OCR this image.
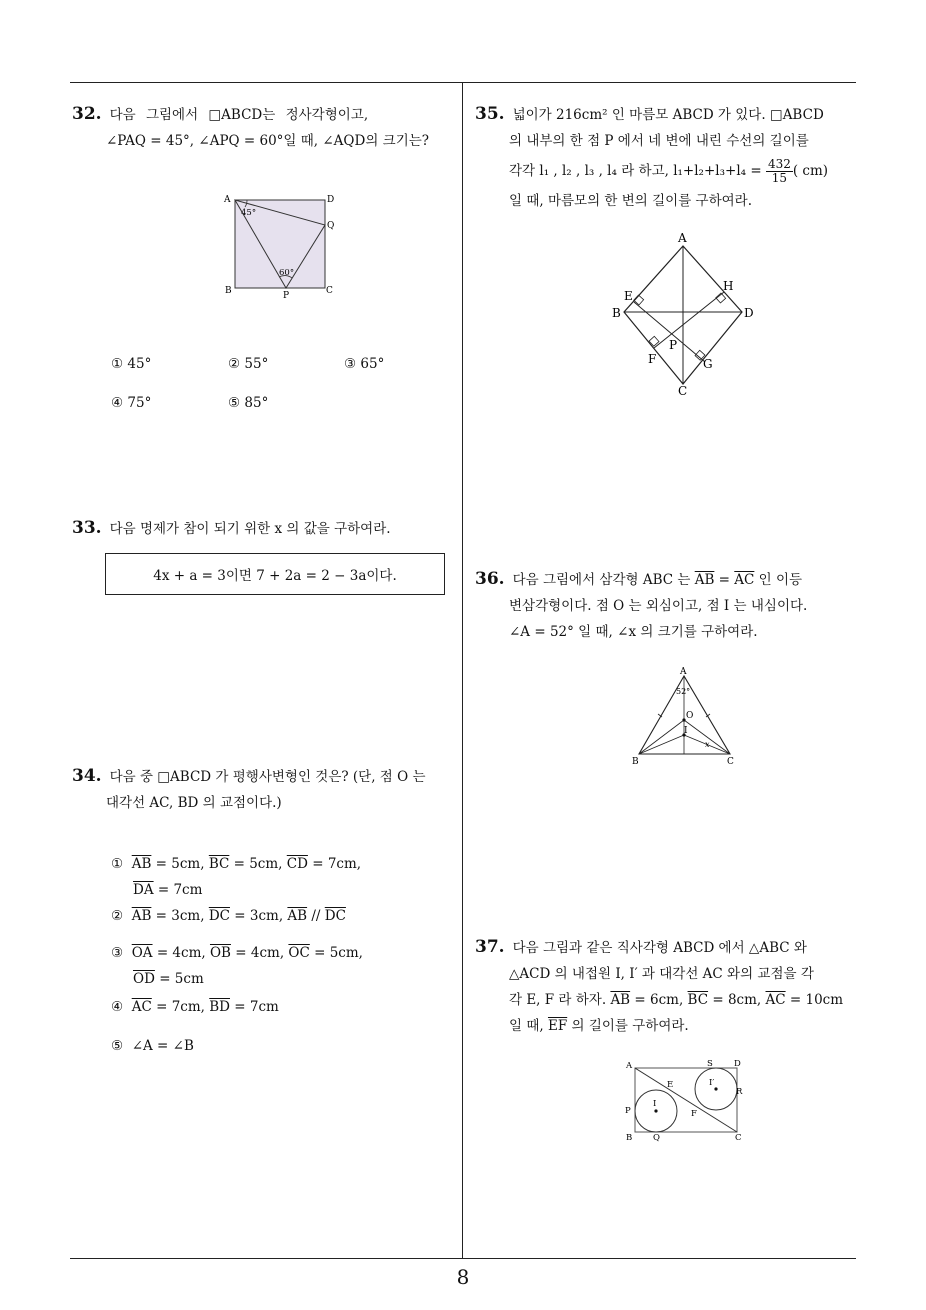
32. 다음 그림에서 □ABCD는 정사각형이고,
∠PAQ = 45°, ∠APQ = 60°일 때, ∠AQD의 크기는?
A	D
Q
B	P	C
45°
60°
① 45°	② 55°	③ 65°
④ 75°	⑤ 85°
33. 다음 명제가 참이 되기 위한 x 의 값을 구하여라.
4x + a = 3이면 7 + 2a = 2 − 3a이다.
34. 다음 중 □ABCD 가 평행사변형인 것은? (단, 점 O 는
대각선 AC, BD 의 교점이다.)
① $\overline{AB} = 5cm$, $\overline{BC} = 5cm$, $\overline{CD} = 7cm$,
$\overline{DA} = 7cm$
② $\overline{AB} = 3cm$, $\overline{DC} = 3cm$, $\overline{AB} // \overline{DC}$
③ $\overline{OA} = 4cm$, $\overline{OB} = 4cm$, $\overline{OC} = 5cm$,
$\overline{OD} = 5cm$
④ $\overline{AC} = 7cm$, $\overline{BD} = 7cm$
⑤ ∠A = ∠B
35. 넓이가 216cm² 인 마름모 ABCD 가 있다. □ABCD
의 내부의 한 점 P 에서 네 변에 내린 수선의 길이를
각각 l₁ , l₂ , l₃ , l₄ 라 하고, $l_1+l_2+l_3+l_4 = \frac{432}{15}$ ( cm)
일 때, 마름모의 한 변의 길이를 구하여라.
A
B	D
C
E
H
P
F	G
36. 다음 그림에서 삼각형 ABC 는 $\overline{AB} = \overline{AC}$ 인 이등
변삼각형이다. 점 O 는 외심이고, 점 I 는 내심이다.
∠A = 52° 일 때, ∠x 의 크기를 구하여라.
A
52°
O
I
x
B	C
37. 다음 그림과 같은 직사각형 ABCD 에서 △ABC 와
△ACD 의 내접원 I, I′ 과 대각선 AC 와의 교점을 각
각 E, F 라 하자. $\overline{AB} = 6cm$, $\overline{BC} = 8cm$, $\overline{AC} = 10cm$
일 때, $\overline{EF}$ 의 길이를 구하여라.
A	S D
E	I′
R
I
P	F
B Q	C
8
